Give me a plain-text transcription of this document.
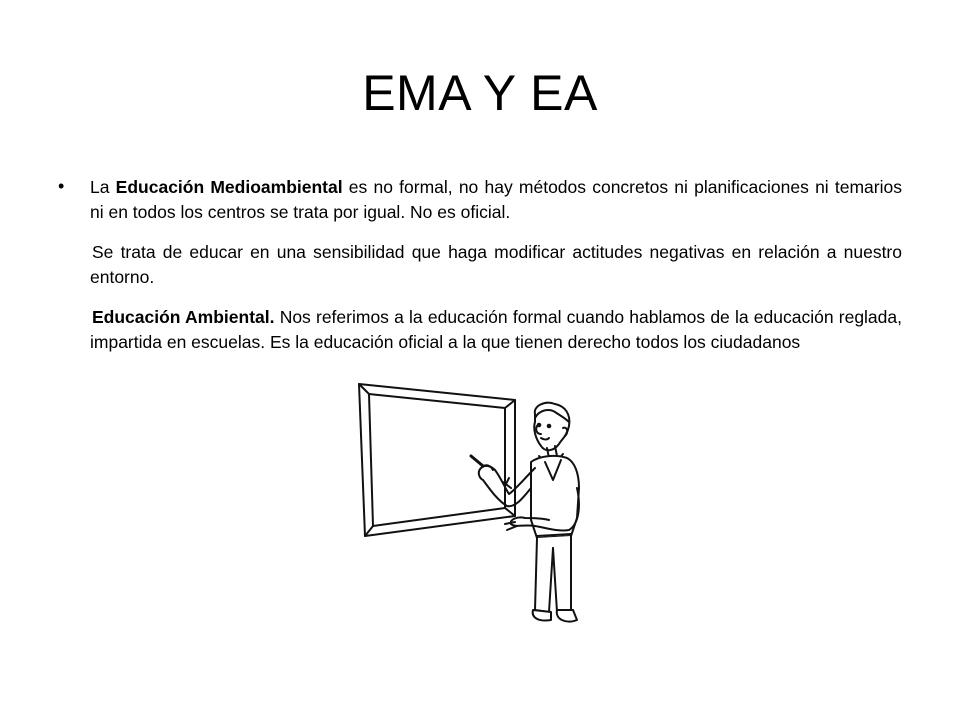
EMA Y EA

• La Educación Medioambiental es no formal, no hay métodos concretos ni planificaciones ni temarios ni en todos los centros se trata por igual. No es oficial.

Se trata de educar en una sensibilidad que haga modificar actitudes negativas en relación a nuestro entorno.

Educación Ambiental. Nos referimos a la educación formal cuando hablamos de la educación reglada, impartida en escuelas. Es la educación oficial a la que tienen derecho todos los ciudadanos
